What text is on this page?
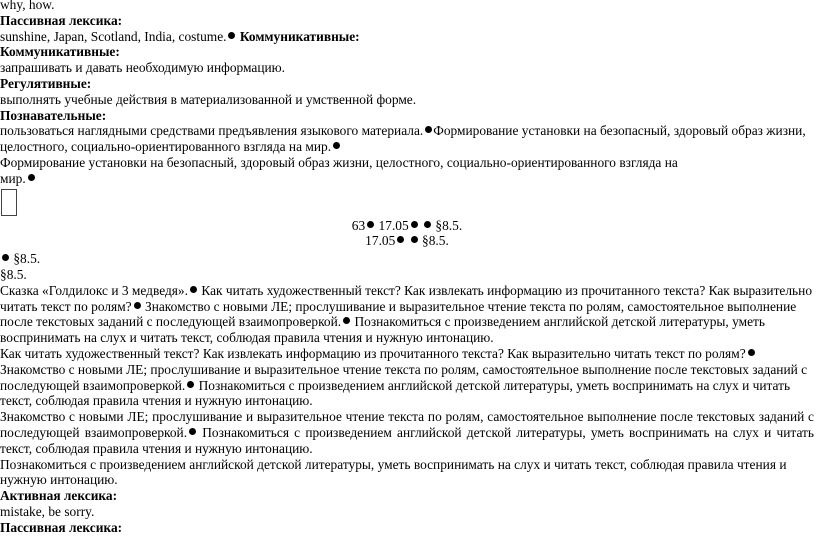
why, how.
Пассивная лексика:
sunshine, Japan, Scotland, India, costume. Коммуникативные:
Коммуникативные:
запрашивать и давать необходимую информацию.
Регулятивные:
выполнять учебные действия в материализованной и умственной форме.
Познавательные:
пользоваться наглядными средствами предъявления языкового материала. Формирование установки на безопасный, здоровый образ жизни, целостного, социально-ориентированного взгляда на мир.
Формирование установки на безопасный, здоровый образ жизни, целостного, социально-ориентированного взгляда на
мир.
63 17.05 §8.5.
17.05 §8.5.
§8.5.
§8.5.
Сказка «Голдилокс и 3 медведя». Как читать художественный текст? Как извлекать информацию из прочитанного текста? Как выразительно читать текст по ролям? Знакомство с новыми ЛЕ; прослушивание и выразительное чтение текста по ролям, самостоятельное выполнение после текстовых заданий с последующей взаимопроверкой. Познакомиться с произведением английской детской литературы, уметь воспринимать на слух и читать текст, соблюдая правила чтения и нужную интонацию.
Как читать художественный текст? Как извлекать информацию из прочитанного текста? Как выразительно читать текст по ролям? Знакомство с новыми ЛЕ; прослушивание и выразительное чтение текста по ролям, самостоятельное выполнение после текстовых заданий с последующей взаимопроверкой. Познакомиться с произведением английской детской литературы, уметь воспринимать на слух и читать текст, соблюдая правила чтения и нужную интонацию.
Знакомство с новыми ЛЕ; прослушивание и выразительное чтение текста по ролям, самостоятельное выполнение после текстовых заданий с последующей взаимопроверкой. Познакомиться с произведением английской детской литературы, уметь воспринимать на слух и читать текст, соблюдая правила чтения и нужную интонацию.
Познакомиться с произведением английской детской литературы, уметь воспринимать на слух и читать текст, соблюдая правила чтения и нужную интонацию.
Активная лексика:
mistake, be sorry.
Пассивная лексика:
